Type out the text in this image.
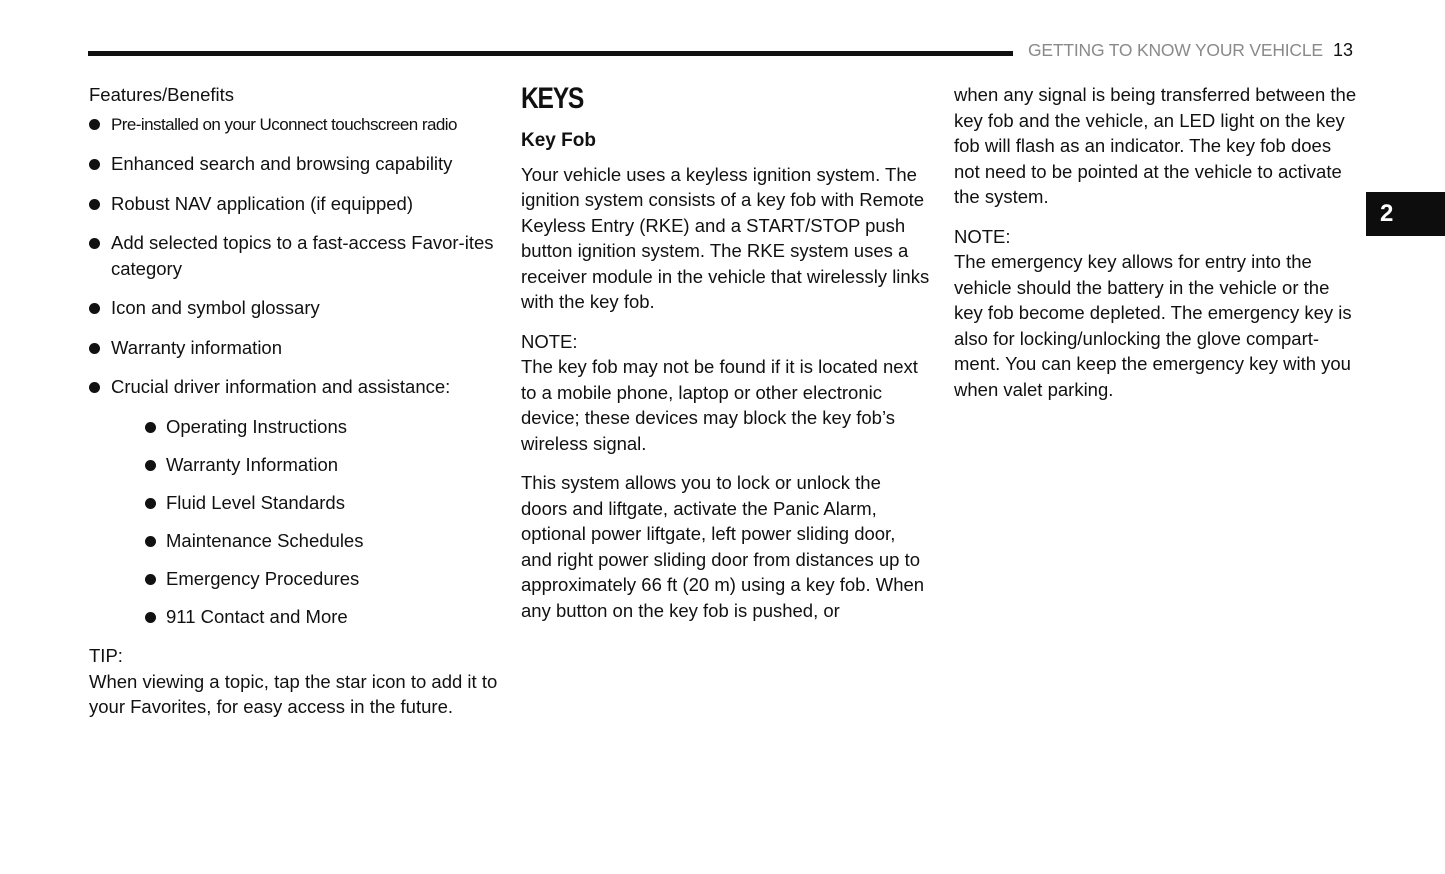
GETTING TO KNOW YOUR VEHICLE 13
2

Features/Benefits

Pre-installed on your Uconnect touchscreen radio
Enhanced search and browsing capability
Robust NAV application (if equipped)
Add selected topics to a fast-access Favor-ites category
Icon and symbol glossary
Warranty information
Crucial driver information and assistance:
Operating Instructions
Warranty Information
Fluid Level Standards
Maintenance Schedules
Emergency Procedures
911 Contact and More

TIP:

When viewing a topic, tap the star icon to add it to your Favorites, for easy access in the future.

KEYS

Key Fob

Your vehicle uses a keyless ignition system. The ignition system consists of a key fob with Remote Keyless Entry (RKE) and a START/STOP push button ignition system. The RKE system uses a receiver module in the vehicle that wirelessly links with the key fob.

NOTE:

The key fob may not be found if it is located next to a mobile phone, laptop or other electronic device; these devices may block the key fob’s wireless signal.

This system allows you to lock or unlock the doors and liftgate, activate the Panic Alarm, optional power liftgate, left power sliding door, and right power sliding door from distances up to approximately 66 ft (20 m) using a key fob. When any button on the key fob is pushed, or

when any signal is being transferred between the key fob and the vehicle, an LED light on the key fob will flash as an indicator. The key fob does not need to be pointed at the vehicle to activate the system.

NOTE:

The emergency key allows for entry into the vehicle should the battery in the vehicle or the key fob become depleted. The emergency key is also for locking/unlocking the glove compart-ment. You can keep the emergency key with you when valet parking.
